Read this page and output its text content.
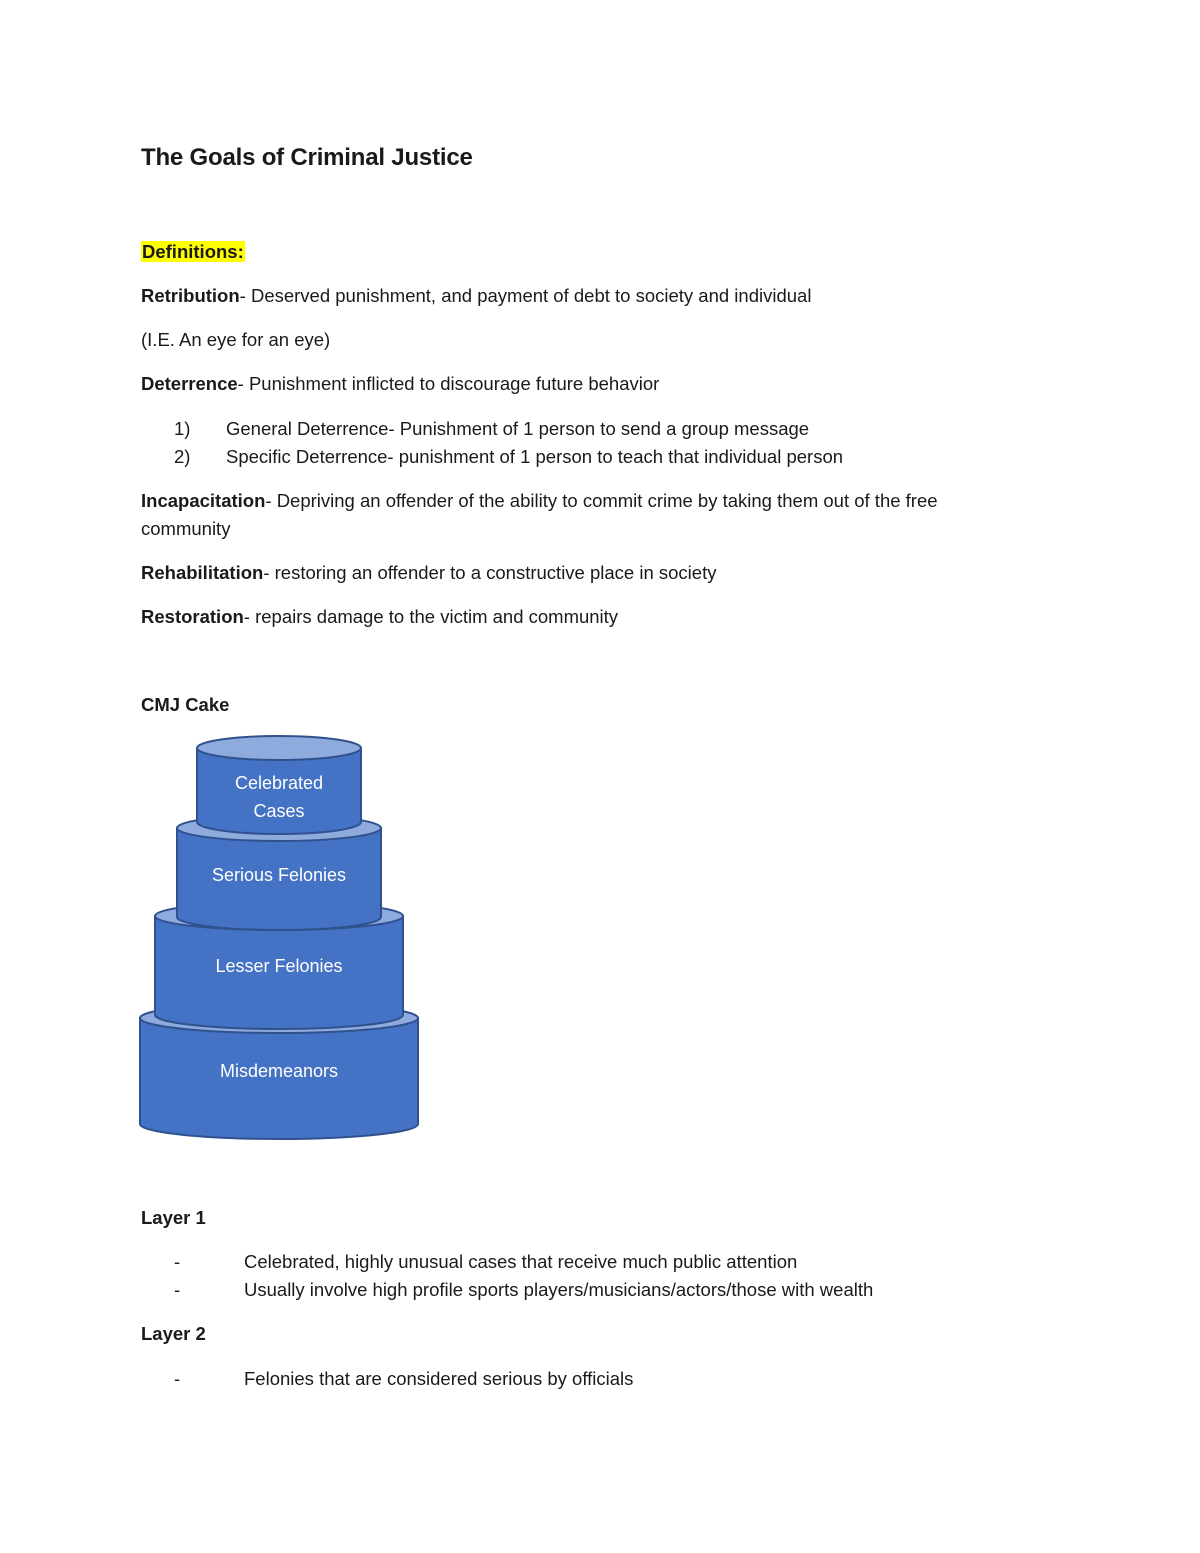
The Goals of Criminal Justice
Definitions:
Retribution- Deserved punishment, and payment of debt to society and individual
(I.E. An eye for an eye)
Deterrence- Punishment inflicted to discourage future behavior
1) General Deterrence- Punishment of 1 person to send a group message
2) Specific Deterrence- punishment of 1 person to teach that individual person
Incapacitation- Depriving an offender of the ability to commit crime by taking them out of the free
community
Rehabilitation- restoring an offender to a constructive place in society
Restoration- repairs damage to the victim and community
CMJ Cake
Misdemeanors
Lesser Felonies
Serious Felonies
Celebrated
Cases
Layer 1
-	Celebrated, highly unusual cases that receive much public attention
-	Usually involve high profile sports players/musicians/actors/those with wealth
Layer 2
-	Felonies that are considered serious by officials
